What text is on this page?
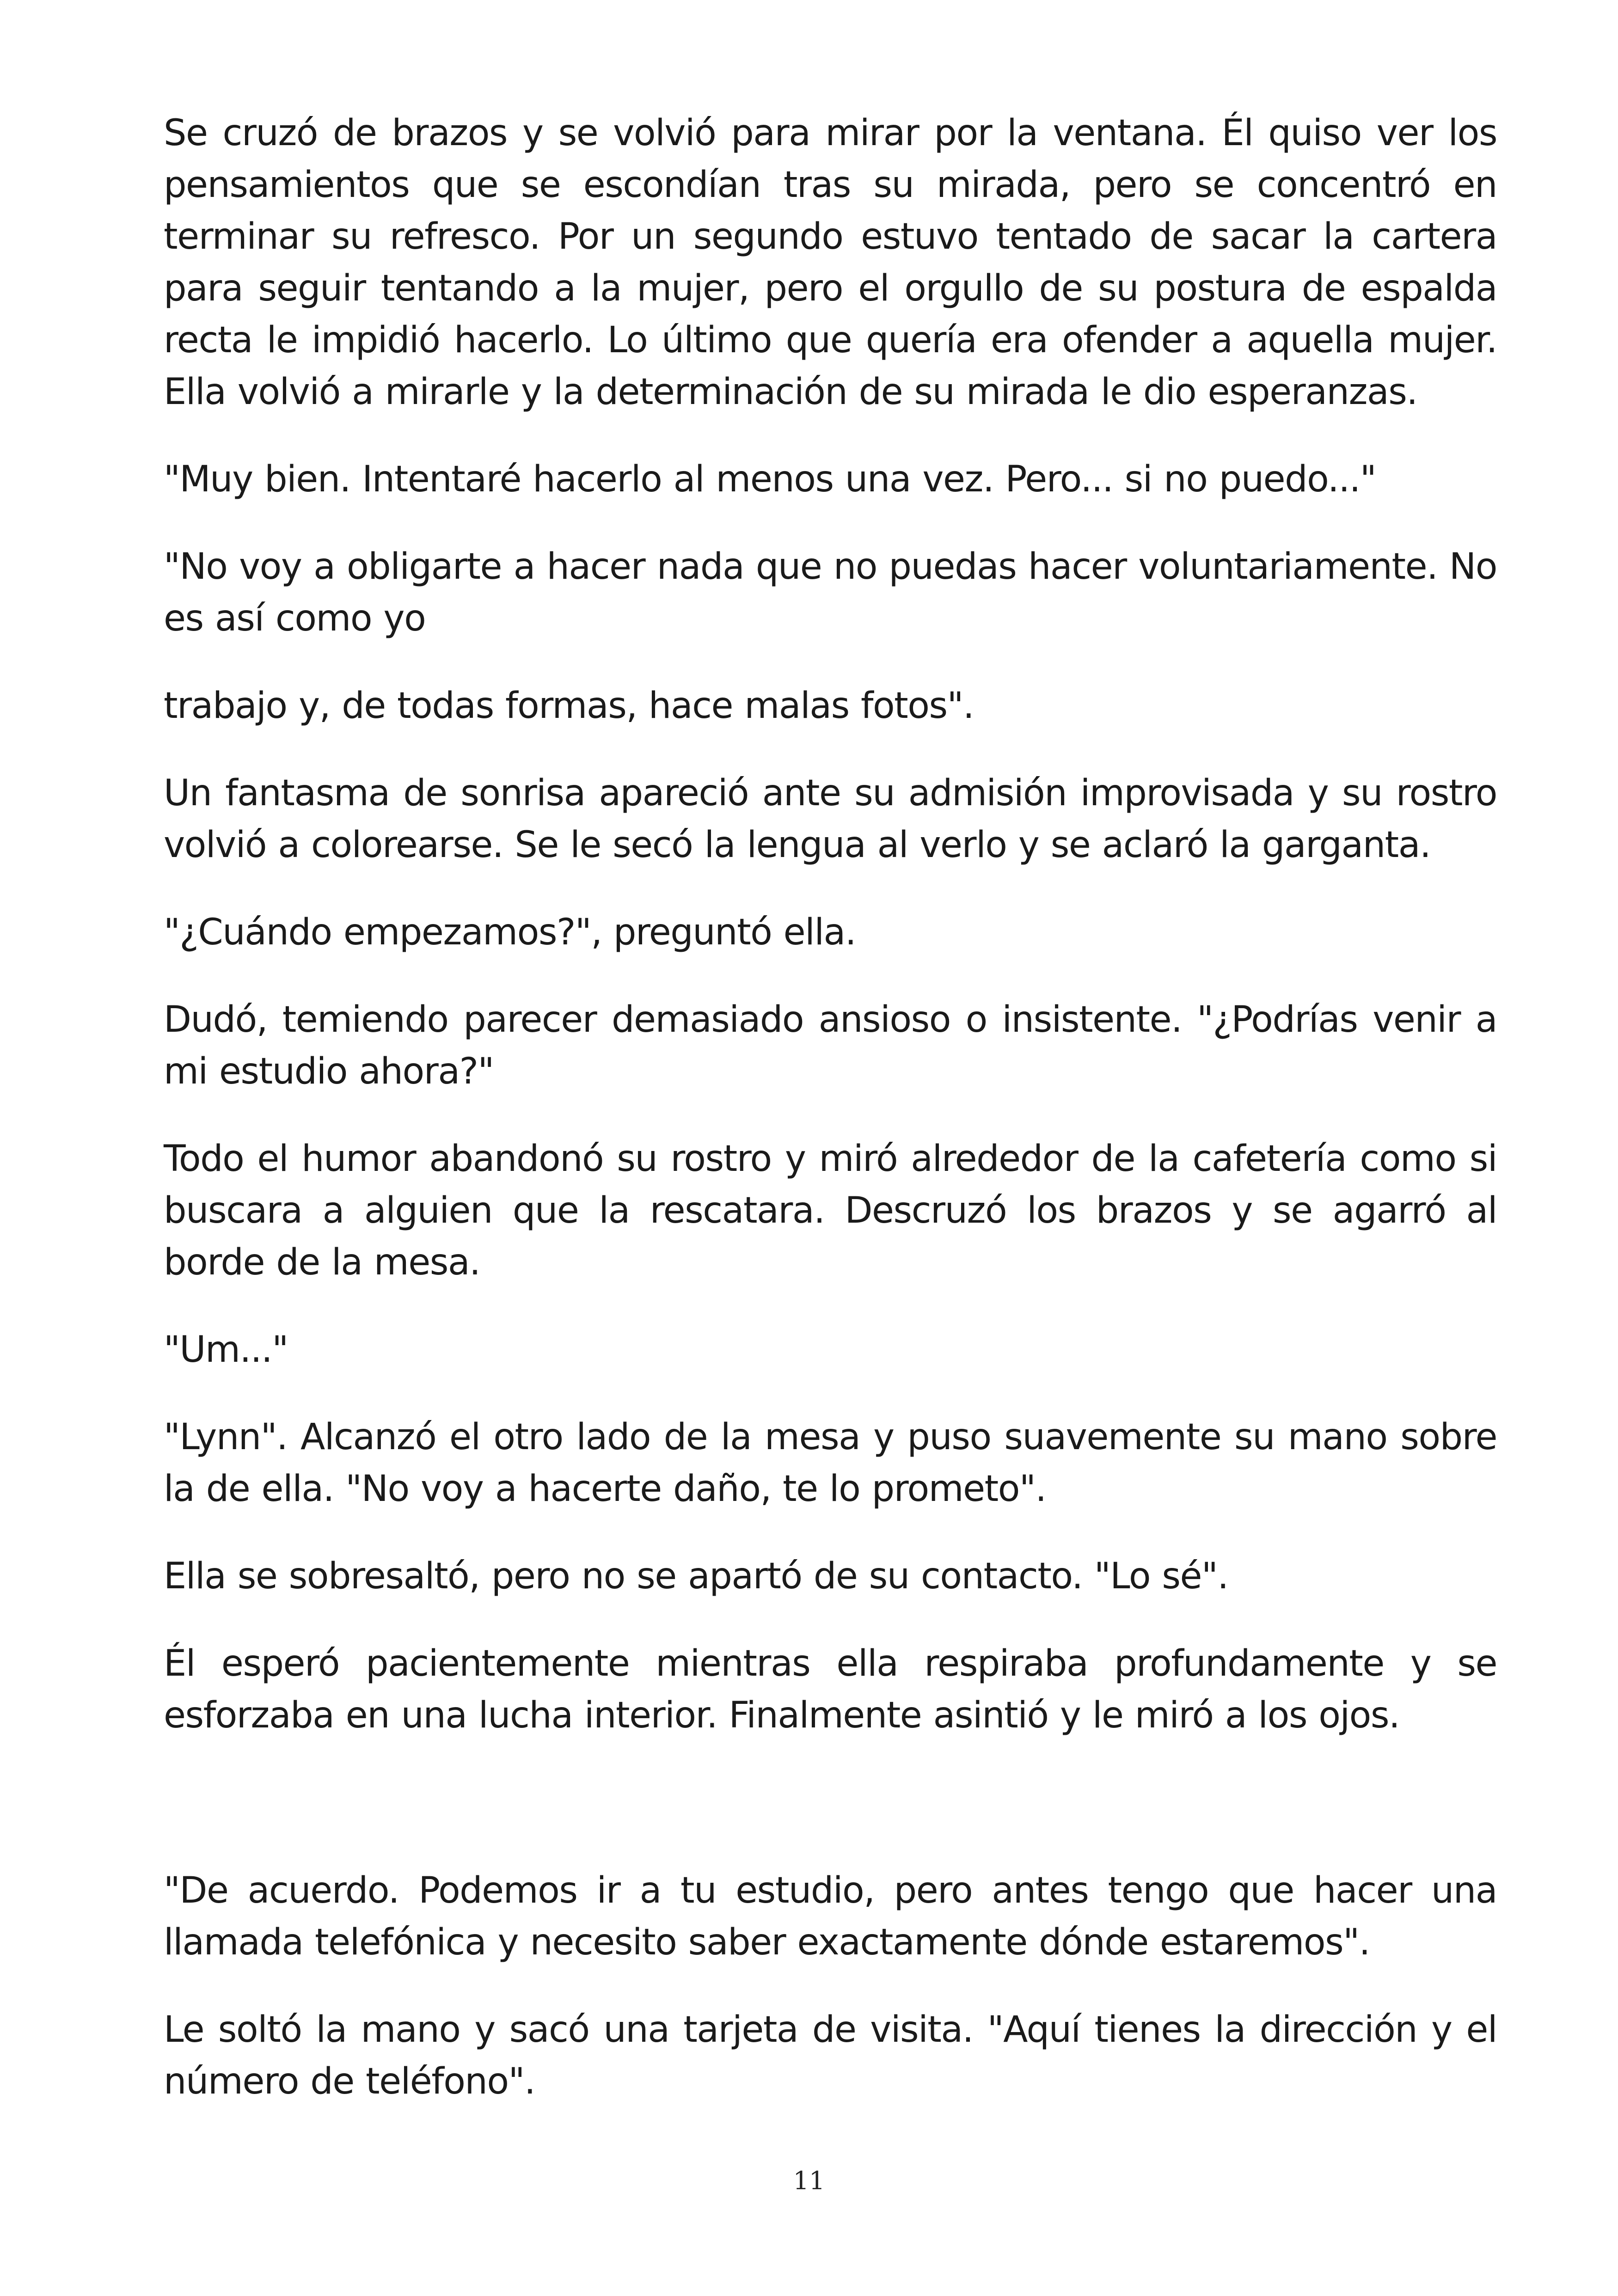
Se cruzó de brazos y se volvió para mirar por la ventana. Él quiso ver los pensamientos que se escondían tras su mirada, pero se concentró en terminar su refresco. Por un segundo estuvo tentado de sacar la cartera para seguir tentando a la mujer, pero el orgullo de su postura de espalda recta le impidió hacerlo. Lo último que quería era ofender a aquella mujer. Ella volvió a mirarle y la determinación de su mirada le dio esperanzas.

"Muy bien. Intentaré hacerlo al menos una vez. Pero... si no puedo..."

"No voy a obligarte a hacer nada que no puedas hacer voluntariamente. No es así como yo

trabajo y, de todas formas, hace malas fotos".

Un fantasma de sonrisa apareció ante su admisión improvisada y su rostro volvió a colorearse. Se le secó la lengua al verlo y se aclaró la garganta.

"¿Cuándo empezamos?", preguntó ella.

Dudó, temiendo parecer demasiado ansioso o insistente. "¿Podrías venir a mi estudio ahora?"

Todo el humor abandonó su rostro y miró alrededor de la cafetería como si buscara a alguien que la rescatara. Descruzó los brazos y se agarró al borde de la mesa.

"Um..."

"Lynn". Alcanzó el otro lado de la mesa y puso suavemente su mano sobre la de ella. "No voy a hacerte daño, te lo prometo".

Ella se sobresaltó, pero no se apartó de su contacto. "Lo sé".

Él esperó pacientemente mientras ella respiraba profundamente y se esforzaba en una lucha interior. Finalmente asintió y le miró a los ojos.

"De acuerdo. Podemos ir a tu estudio, pero antes tengo que hacer una llamada telefónica y necesito saber exactamente dónde estaremos".

Le soltó la mano y sacó una tarjeta de visita. "Aquí tienes la dirección y el número de teléfono".

11
